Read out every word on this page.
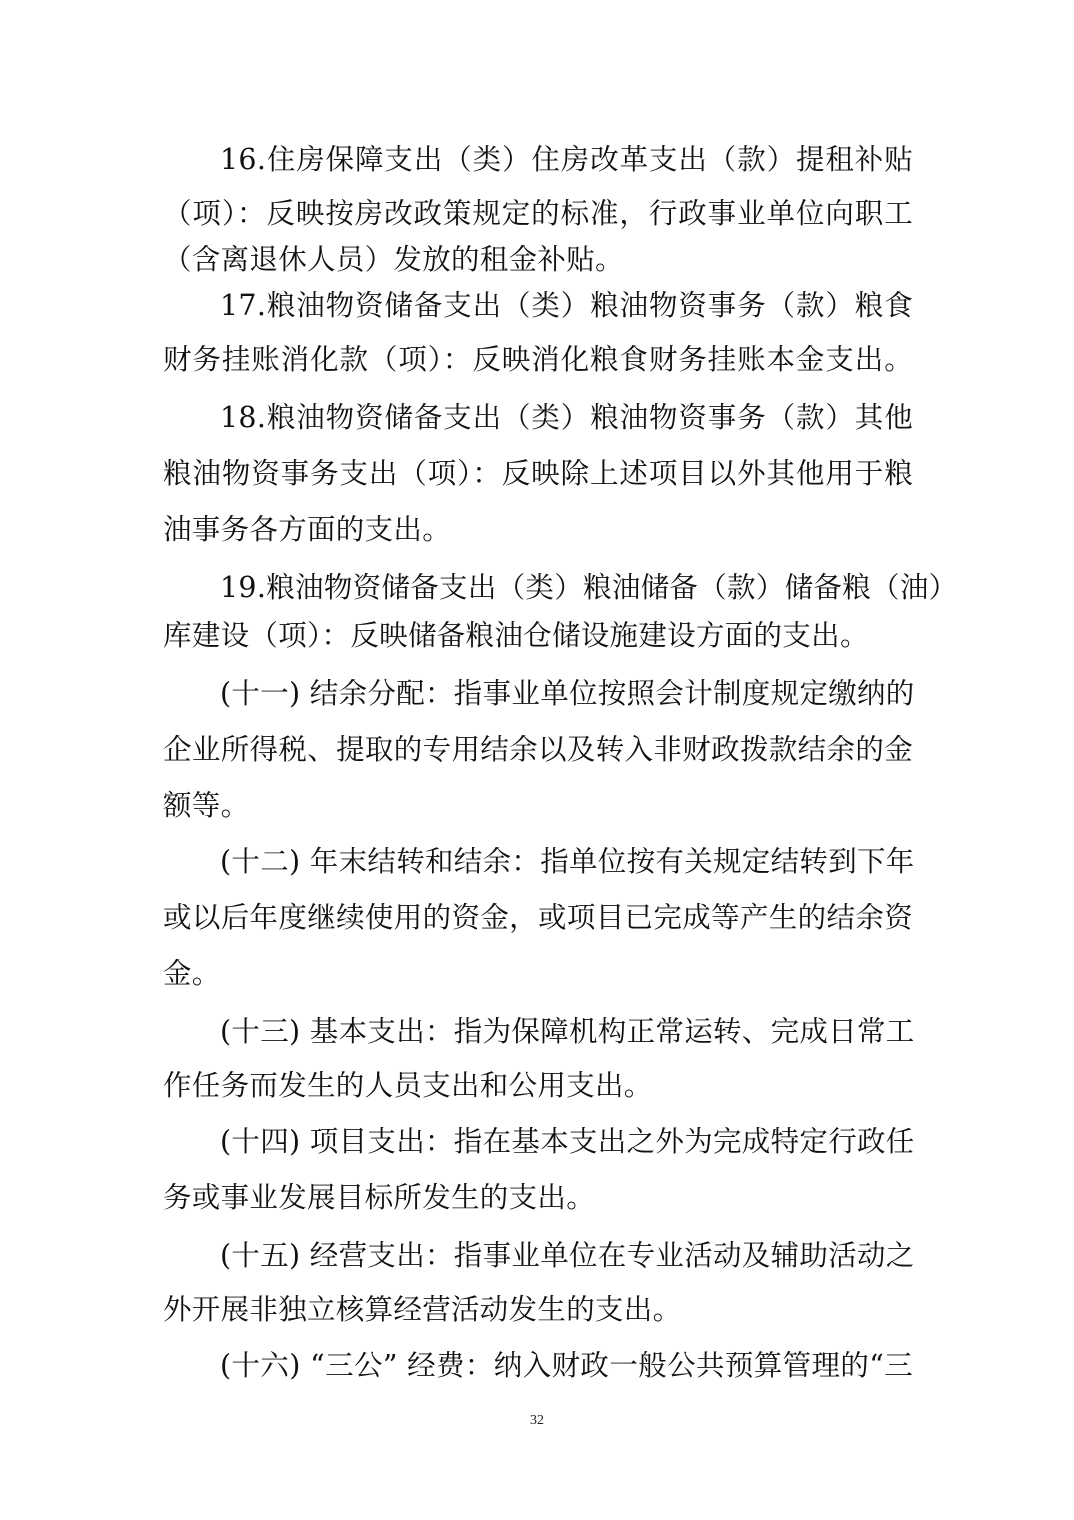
16.住房保障支出（类）住房改革支出（款）提租补贴
（项）：反映按房改政策规定的标准，行政事业单位向职工
（含离退休人员）发放的租金补贴。
17.粮油物资储备支出（类）粮油物资事务（款）粮食
财务挂账消化款（项）：反映消化粮食财务挂账本金支出。
18.粮油物资储备支出（类）粮油物资事务（款）其他
粮油物资事务支出（项）：反映除上述项目以外其他用于粮
油事务各方面的支出。
19.粮油物资储备支出（类）粮油储备（款）储备粮（油）
库建设（项）：反映储备粮油仓储设施建设方面的支出。
(十一) 结余分配：指事业单位按照会计制度规定缴纳的
企业所得税、提取的专用结余以及转入非财政拨款结余的金
额等。
(十二) 年末结转和结余：指单位按有关规定结转到下年
或以后年度继续使用的资金，或项目已完成等产生的结余资
金。
(十三) 基本支出：指为保障机构正常运转、完成日常工
作任务而发生的人员支出和公用支出。
(十四) 项目支出：指在基本支出之外为完成特定行政任
务或事业发展目标所发生的支出。
(十五) 经营支出：指事业单位在专业活动及辅助活动之
外开展非独立核算经营活动发生的支出。
(十六) “三公” 经费：纳入财政一般公共预算管理的“三
32
